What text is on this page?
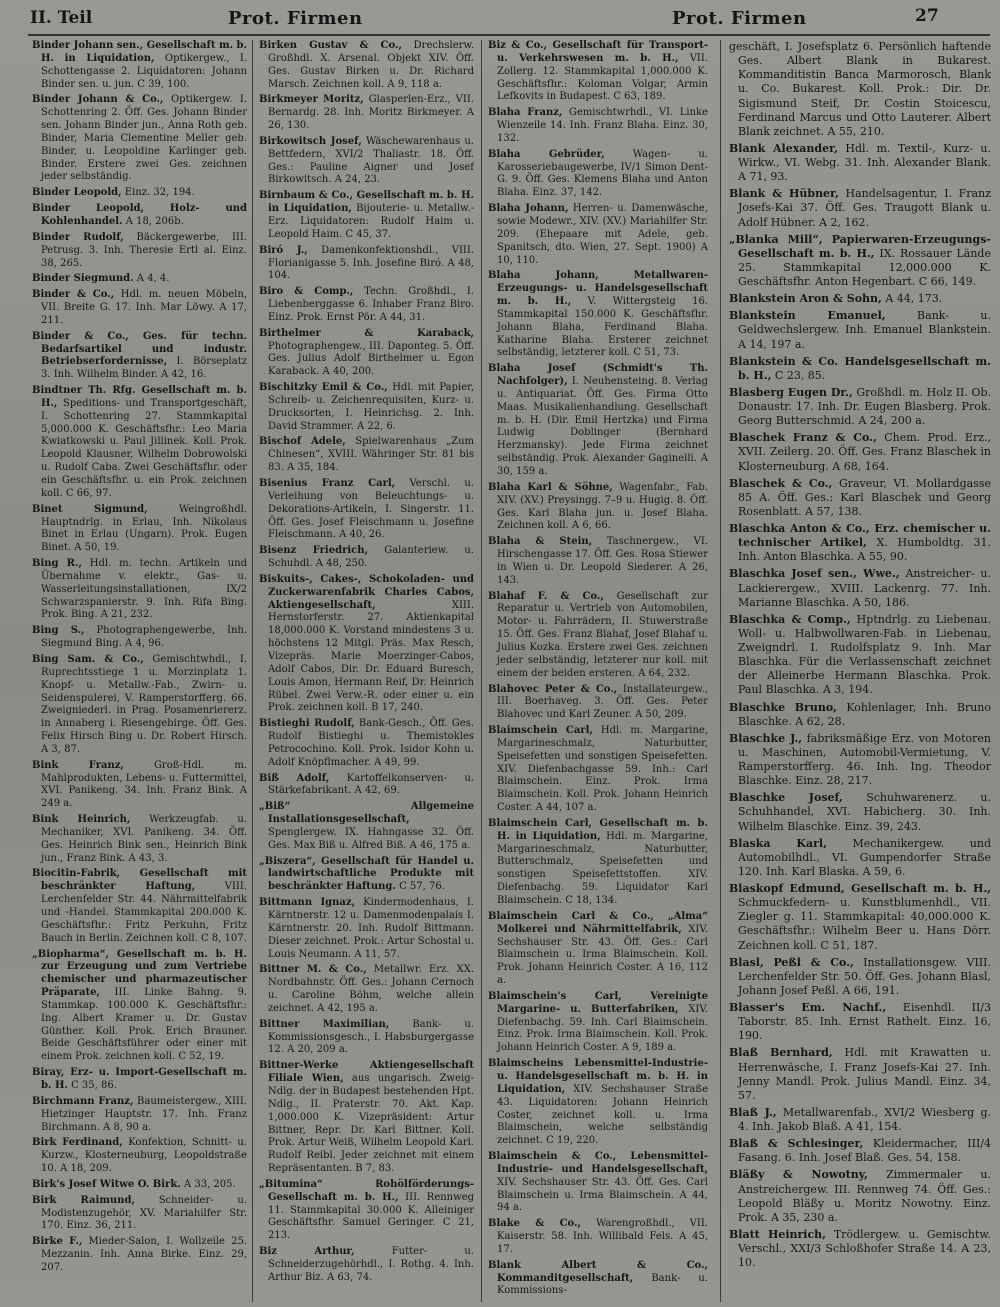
II. Teil	Prot. Firmen	Prot. Firmen	27
Binder Johann sen., Gesellschaft m. b. H. in Liquidation, Optikergew., I. Schottengasse 2. Liquidatoren: Johann Binder sen. u. jun. C 39, 100.
Binder Johann & Co., Optikergew. I. Schottenring 2. Öff. Ges. Johann Binder sen. Johann Binder jun., Anna Roth geb. Binder, Maria Clementine Meller geb. Binder, u. Leopoldine Karlinger geb. Binder. Erstere zwei Ges. zeichnen jeder selbständig.
Binder Leopold, Einz. 32, 194.
Binder Leopold, Holz- und Kohlenhandel. A 18, 206b.
Binder Rudolf, Bäckergewerbe, III. Petrusg. 3. Inh. Theresie Ertl al. Einz. 38, 265.
Binder Siegmund. A 4, 4.
Binder & Co., Hdl. m. neuen Möbeln, VII. Breite G. 17. Inh. Mar Löwy. A 17, 211.
Binder & Co., Ges. für techn. Bedarfsartikel und industr. Betriebserfordernisse, I. Börseplatz 3. Inh. Wilhelm Binder. A 42, 16.
Bindtner Th. Rfg. Gesellschaft m. b. H., Speditions- und Transportgeschäft, I. Schottenring 27. Stammkapital 5,000.000 K. Geschäftsfhr.: Leo Maria Kwiatkowski u. Paul Jillinek. Koll. Prok. Leopold Klausner, Wilhelm Dobrowolski u. Rudolf Caba. Zwei Geschäftsfhr. oder ein Geschäftsfhr. u. ein Prok. zeichnen koll. C 66, 97.
Binet Sigmund, Weingroßhdl. Hauptndrlg. in Erlau, Inh. Nikolaus Binet in Erlau (Ungarn). Prok. Eugen Binet. A 50, 19.
Bing R., Hdl. m. techn. Artikeln und Übernahme v. elektr., Gas- u. Wasserleitungsinstallationen, IX/2 Schwarzspanierstr. 9. Inh. Rifa Bing. Prok. Bing. A 21, 232.
Bing S., Photographengewerbe, Inh. Siegmund Bing. A 4, 96.
Bing Sam. & Co., Gemischtwhdl., I. Ruprechtsstiege 1 u. Morzinplatz 1. Knopf- u. Metallw.-Fab., Zwirn- u. Seidenspulerei, V. Ramperstorfferg. 66. Zweigniederl. in Prag. Posamenriererz. in Annaberg i. Riesengebirge. Öff. Ges. Felix Hirsch Bing u. Dr. Robert Hirsch. A 3, 87.
Bink Franz, Groß-Hdl. m. Mahlprodukten, Lebens- u. Futtermittel, XVI. Panikeng. 34. Inh. Franz Bink. A 249 a.
Bink Heinrich, Werkzeugfab. u. Mechaniker, XVI. Panikeng. 34. Öff. Ges. Heinrich Bink sen., Heinrich Bink jun., Franz Bink. A 43, 3.
Biocitin-Fabrik, Gesellschaft mit beschränkter Haftung, VIII. Lerchenfelder Str. 44. Nährmittelfabrik und -Handel. Stammkapital 200.000 K. Geschäftsfhr.: Fritz Perkuhn, Fritz Bauch in Berlin. Zeichnen koll. C 8, 107.
„Biopharma“, Gesellschaft m. b. H. zur Erzeugung und zum Vertriebe chemischer und pharmazeutischer Präparate, III. Linke Bahng. 9. Stammkap. 100.000 K. Geschäftsfhr.: Ing. Albert Kramer u. Dr. Gustav Günther. Koll. Prok. Erich Brauner. Beide Geschäftsführer oder einer mit einem Prok. zeichnen koll. C 52, 19.
Biray, Erz- u. Import-Gesellschaft m. b. H. C 35, 86.
Birchmann Franz, Baumeistergew., XIII. Hietzinger Hauptstr. 17. Inh. Franz Birchmann. A 8, 90 a.
Birk Ferdinand, Konfektion, Schnitt- u. Kurzw., Klosterneuburg, Leopoldstraße 10. A 18, 209.
Birk's Josef Witwe O. Birk. A 33, 205.
Birk Raimund, Schneider- u. Modistenzugehör, XV. Mariahilfer Str. 170. Einz. 36, 211.
Birke F., Mieder-Salon, I. Wollzeile 25. Mezzanin. Inh. Anna Birke. Einz. 29, 207.
Birken Gustav & Co., Drechslerw. Großhdl. X. Arsenal. Objekt XIV. Öff. Ges. Gustav Birken u. Dr. Richard Marsch. Zeichnen koll. A 9, 118 a.
Birkmeyer Moritz, Glasperlen-Erz., VII. Bernardg. 28. Inh. Moritz Birkmeyer. A 26, 130.
Birkowitsch Josef, Wäschewarenhaus u. Bettfedern, XVI/2 Thaliastr. 18. Öff. Ges.: Pauline Aigner und Josef Birkowitsch. A 24, 23.
Birnbaum & Co., Gesellschaft m. b. H. in Liquidation, Bijouterie- u. Metallw.-Erz. Liquidatoren: Rudolf Haim u. Leopold Haim. C 45, 37.
Biró J., Damenkonfektionshdl., VIII. Florianigasse 5. Inh. Josefine Biró. A 48, 104.
Biro & Comp., Techn. Großhdl., I. Liebenberggasse 6. Inhaber Franz Biro. Einz. Prok. Ernst Pör. A 44, 31.
Birthelmer & Karaback, Photographengew., III. Daponteg. 5. Öff. Ges. Julius Adolf Birthelmer u. Egon Karaback. A 40, 200.
Bischitzky Emil & Co., Hdl. mit Papier, Schreib- u. Zeichenrequisiten, Kurz- u. Drucksorten, I. Heinrichsg. 2. Inh. David Strammer. A 22, 6.
Bischof Adele, Spielwarenhaus „Zum Chinesen“, XVIII. Währinger Str. 81 bis 83. A 35, 184.
Bisenius Franz Carl, Verschl. u. Verleihung von Beleuchtungs- u. Dekorations-Artikeln, I. Singerstr. 11. Öff. Ges. Josef Fleischmann u. Josefine Fleischmann. A 40, 26.
Bisenz Friedrich, Galanteriew. u. Schuhdl. A 48, 250.
Biskuits-, Cakes-, Schokoladen- und Zuckerwarenfabrik Charles Cabos, Aktiengesellschaft, XIII. Hernstorferstr. 27. Aktienkapital 18,000.000 K. Vorstand mindestens 3 u. höchstens 12 Mitgl. Präs. Max Resch, Vizepräs. Marie Moerzinger-Cabos, Adolf Cabos, Dir. Dr. Eduard Buresch, Louis Amon, Hermann Reif, Dr. Heinrich Rübel. Zwei Verw.-R. oder einer u. ein Prok. zeichnen koll. B 17, 240.
Bistieghi Rudolf, Bank-Gesch., Öff. Ges. Rudolf Bistieghi u. Themistokles Petrocochino. Koll. Prok. Isidor Kohn u. Adolf Knöpflmacher. A 49, 99.
Biß Adolf, Kartoffelkonserven- u. Stärkefabrikant. A 42, 69.
„Biß“ Allgemeine Installationsgesellschaft, Spenglergew. IX. Hahngasse 32. Öff. Ges. Max Biß u. Alfred Biß. A 46, 175 a.
„Biszera“, Gesellschaft für Handel u. landwirtschaftliche Produkte mit beschränkter Haftung. C 57, 76.
Bittmann Ignaz, Kindermodenhaus, I. Kärntnerstr. 12 u. Damenmodenpalais I. Kärntnerstr. 20. Inh. Rudolf Bittmann. Dieser zeichnet. Prok.: Artur Schostal u. Louis Neumann. A 11, 57.
Bittner M. & Co., Metallwr. Erz. XX. Nordbahnstr. Öff. Ges.: Johann Cernoch u. Caroline Böhm, welche allein zeichnet. A 42, 195 a.
Bittner Maximilian, Bank- u. Kommissionsgesch., I. Habsburgergasse 12. A 20, 209 a.
Bittner-Werke Aktiengesellschaft Filiale Wien, aus ungarisch. Zweig-Ndlg. der in Budapest bestehenden Hpt. Ndlg., II. Praterstr. 70. Akt. Kap. 1,000.000 K. Vizepräsident: Artur Bittner, Repr. Dr. Karl Bittner. Koll. Prok. Artur Weiß, Wilhelm Leopold Karl. Rudolf Reibl. Jeder zeichnet mit einem Repräsentanten. B 7, 83.
„Bitumina“ Rohölförderungs-Gesellschaft m. b. H., III. Rennweg 11. Stammkapital 30.000 K. Alleiniger Geschäftsfhr. Samuel Geringer. C 21, 213.
Biz Arthur, Futter- u. Schneiderzugehörhdl., I. Rothg. 4. Inh. Arthur Biz. A 63, 74.
Biz & Co., Gesellschaft für Transport- u. Verkehrswesen m. b. H., VII. Zollerg. 12. Stammkapital 1,000.000 K. Geschäftsfhr.: Koloman Volgar, Armin Lefkovits in Budapest. C 63, 189.
Blaha Franz, Gemischtwrhdl., VI. Linke Wienzeile 14. Inh. Franz Blaha. Einz. 30, 132.
Blaha Gebrüder, Wagen- u. Karosseriebaugewerbe, IV/1 Simon Dent-G. 9. Öff. Ges. Klemens Blaha und Anton Blaha. Einz. 37, 142.
Blaha Johann, Herren- u. Damenwäsche, sowie Modewr., XIV. (XV.) Mariahilfer Str. 209. (Ehepaare mit Adele, geb. Spanitsch, dto. Wien, 27. Sept. 1900) A 10, 110.
Blaha Johann, Metallwaren-Erzeugungs- u. Handelsgesellschaft m. b. H., V. Wittergsteig 16. Stammkapital 150.000 K. Geschäftsfhr. Johann Blaha, Ferdinand Blaha. Katharine Blaha. Ersterer zeichnet selbständig, letzterer koll. C 51, 73.
Blaha Josef (Schmidt's Th. Nachfolger), I. Neuhensteing. 8. Verlag u. Antiquariat. Öff. Ges. Firma Otto Maas. Musikalienhandlung. Gesellschaft m. b. H. (Dir. Emil Hertzka) und Firma Ludwig Doblinger (Bernhard Herzmansky). Jede Firma zeichnet selbständig. Prok. Alexander Gaginelli. A 30, 159 a.
Blaha Karl & Söhne, Wagenfabr., Fab. XIV. (XV.) Preysingg. 7–9 u. Hugig. 8. Öff. Ges. Karl Blaha jun. u. Josef Blaha. Zeichnen koll. A 6, 66.
Blaha & Stein, Taschnergew., VI. Hirschengasse 17. Öff. Ges. Rosa Stiewer in Wien u. Dr. Leopold Siederer. A 26, 143.
Blahaf F. & Co., Gesellschaft zur Reparatur u. Vertrieb von Automobilen, Motor- u. Fahrrädern, II. Stuwerstraße 15. Öff. Ges. Franz Blahaf, Josef Blahaf u. Julius Kozka. Erstere zwei Ges. zeichnen jeder selbständig, letzterer nur koll. mit einem der beiden ersteren. A 64, 232.
Blahovec Peter & Co., Installateurgew., III. Boerhaveg. 3. Öff. Ges. Peter Blahovec und Karl Zeuner. A 50, 209.
Blaimschein Carl, Hdl. m. Margarine, Margarineschmalz, Naturbutter, Speisefetten und sonstigen Speisefetten. XIV. Diefenbachgasse 59. Inh.: Carl Blaimschein. Einz. Prok. Irma Blaimschein. Koll. Prok. Johann Heinrich Coster. A 44, 107 a.
Blaimschein Carl, Gesellschaft m. b. H. in Liquidation, Hdl. m. Margarine, Margarineschmalz, Naturbutter, Butterschmalz, Speisefetten und sonstigen Speisefettstoffen. XIV. Diefenbachg. 59. Liquidator Karl Blaimschein. C 18, 134.
Blaimschein Carl & Co., „Alma“ Molkerei und Nährmittelfabrik, XIV. Sechshauser Str. 43. Öff. Ges.: Carl Blaimschein u. Irma Blaimschein. Koll. Prok. Johann Heinrich Coster. A 16, 112 a.
Blaimschein's Carl, Vereinigte Margarine- u. Butterfabriken, XIV. Diefenbachg. 59. Inh. Carl Blaimschein. Einz. Prok. Irma Blaimschein. Koll. Prok. Johann Heinrich Coster. A 9, 189 a.
Blaimscheins Lebensmittel-Industrie- u. Handelsgesellschaft m. b. H. in Liquidation, XIV. Sechshauser Straße 43. Liquidatoren: Johann Heinrich Coster, zeichnet koll. u. Irma Blaimschein, welche selbständig zeichnet. C 19, 220.
Blaimschein & Co., Lebensmittel-Industrie- und Handelsgesellschaft, XIV. Sechshauser Str. 43. Öff. Ges. Carl Blaimschein u. Irma Blaimschein. A 44, 94 a.
Blake & Co., Warengroßhdl., VII. Kaiserstr. 58. Inh. Willibald Fels. A 45, 17.
Blank Albert & Co., Kommanditgesellschaft, Bank- u. Kommissions-
geschäft, I. Josefsplatz 6. Persönlich haftende Ges. Albert Blank in Bukarest. Kommanditistin Banca Marmorosch, Blank u. Co. Bukarest. Koll. Prok.: Dir. Dr. Sigismund Steif, Dr. Costin Stoicescu, Ferdinand Marcus und Otto Lauterer. Albert Blank zeichnet. A 55, 210.
Blank Alexander, Hdl. m. Textil-, Kurz- u. Wirkw., VI. Webg. 31. Inh. Alexander Blank. A 71, 93.
Blank & Hübner, Handelsagentur, I. Franz Josefs-Kai 37. Öff. Ges. Traugott Blank u. Adolf Hübner. A 2, 162.
„Blanka Mill“, Papierwaren-Erzeugungs-Gesellschaft m. b. H., IX. Rossauer Lände 25. Stammkapital 12,000.000 K. Geschäftsfhr. Anton Hegenbart. C 66, 149.
Blankstein Aron & Sohn, A 44, 173.
Blankstein Emanuel, Bank- u. Geldwechslergew. Inh. Emanuel Blankstein. A 14, 197 a.
Blankstein & Co. Handelsgesellschaft m. b. H., C 23, 85.
Blasberg Eugen Dr., Großhdl. m. Holz II. Ob. Donaustr. 17. Inh. Dr. Eugen Blasberg. Prok. Georg Butterschmid. A 24, 200 a.
Blaschek Franz & Co., Chem. Prod. Erz., XVII. Zeilerg. 20. Öff. Ges. Franz Blaschek in Klosterneuburg. A 68, 164.
Blaschek & Co., Graveur, VI. Mollardgasse 85 A. Öff. Ges.: Karl Blaschek und Georg Rosenblatt. A 57, 138.
Blaschka Anton & Co., Erz. chemischer u. technischer Artikel, X. Humboldtg. 31. Inh. Anton Blaschka. A 55, 90.
Blaschka Josef sen., Wwe., Anstreicher- u. Lackierergew., XVIII. Lackenrg. 77. Inh. Marianne Blaschka. A 50, 186.
Blaschka & Comp., Hptndrlg. zu Liebenau. Woll- u. Halbwollwaren-Fab. in Liebenau, Zweigndrl. I. Rudolfsplatz 9. Inh. Mar Blaschka. Für die Verlassenschaft zeichnet der Alleinerbe Hermann Blaschka. Prok. Paul Blaschka. A 3, 194.
Blaschke Bruno, Kohlenlager, Inh. Bruno Blaschke. A 62, 28.
Blaschke J., fabriksmäßige Erz. von Motoren u. Maschinen, Automobil-Vermietung, V. Ramperstorfferg. 46. Inh. Ing. Theodor Blaschke. Einz. 28, 217.
Blaschke Josef, Schuhwarenerz. u. Schuhhandel, XVI. Habicherg. 30. Inh. Wilhelm Blaschke. Einz. 39, 243.
Blaska Karl, Mechanikergew. und Automobilhdl., VI. Gumpendorfer Straße 120. Inh. Karl Blaska. A 59, 6.
Blaskopf Edmund, Gesellschaft m. b. H., Schmuckfedern- u. Kunstblumenhdl., VII. Ziegler g. 11. Stammkapital: 40,000.000 K. Geschäftsfhr.: Wilhelm Beer u. Hans Dörr. Zeichnen koll. C 51, 187.
Blasl, Peßl & Co., Installationsgew. VIII. Lerchenfelder Str. 50. Öff. Ges. Johann Blasl, Johann Josef Peßl. A 66, 191.
Blasser's Em. Nachf., Eisenhdl. II/3 Taborstr. 85. Inh. Ernst Rathelt. Einz. 16, 190.
Blaß Bernhard, Hdl. mit Krawatten u. Herrenwäsche, I. Franz Josefs-Kai 27. Inh. Jenny Mandl. Prok. Julius Mandl. Einz. 34, 57.
Blaß J., Metallwarenfab., XVI/2 Wiesberg g. 4. Inh. Jakob Blaß. A 41, 154.
Blaß & Schlesinger, Kleidermacher, III/4 Fasang. 6. Inh. Josef Blaß. Ges. 54, 158.
Bläßy & Nowotny, Zimmermaler u. Anstreichergew. III. Rennweg 74. Öff. Ges.: Leopold Bläßy u. Moritz Nowotny. Einz. Prok. A 35, 230 a.
Blatt Heinrich, Trödlergew. u. Gemischtw. Verschl., XXI/3 Schloßhofer Straße 14. A 23, 10.
